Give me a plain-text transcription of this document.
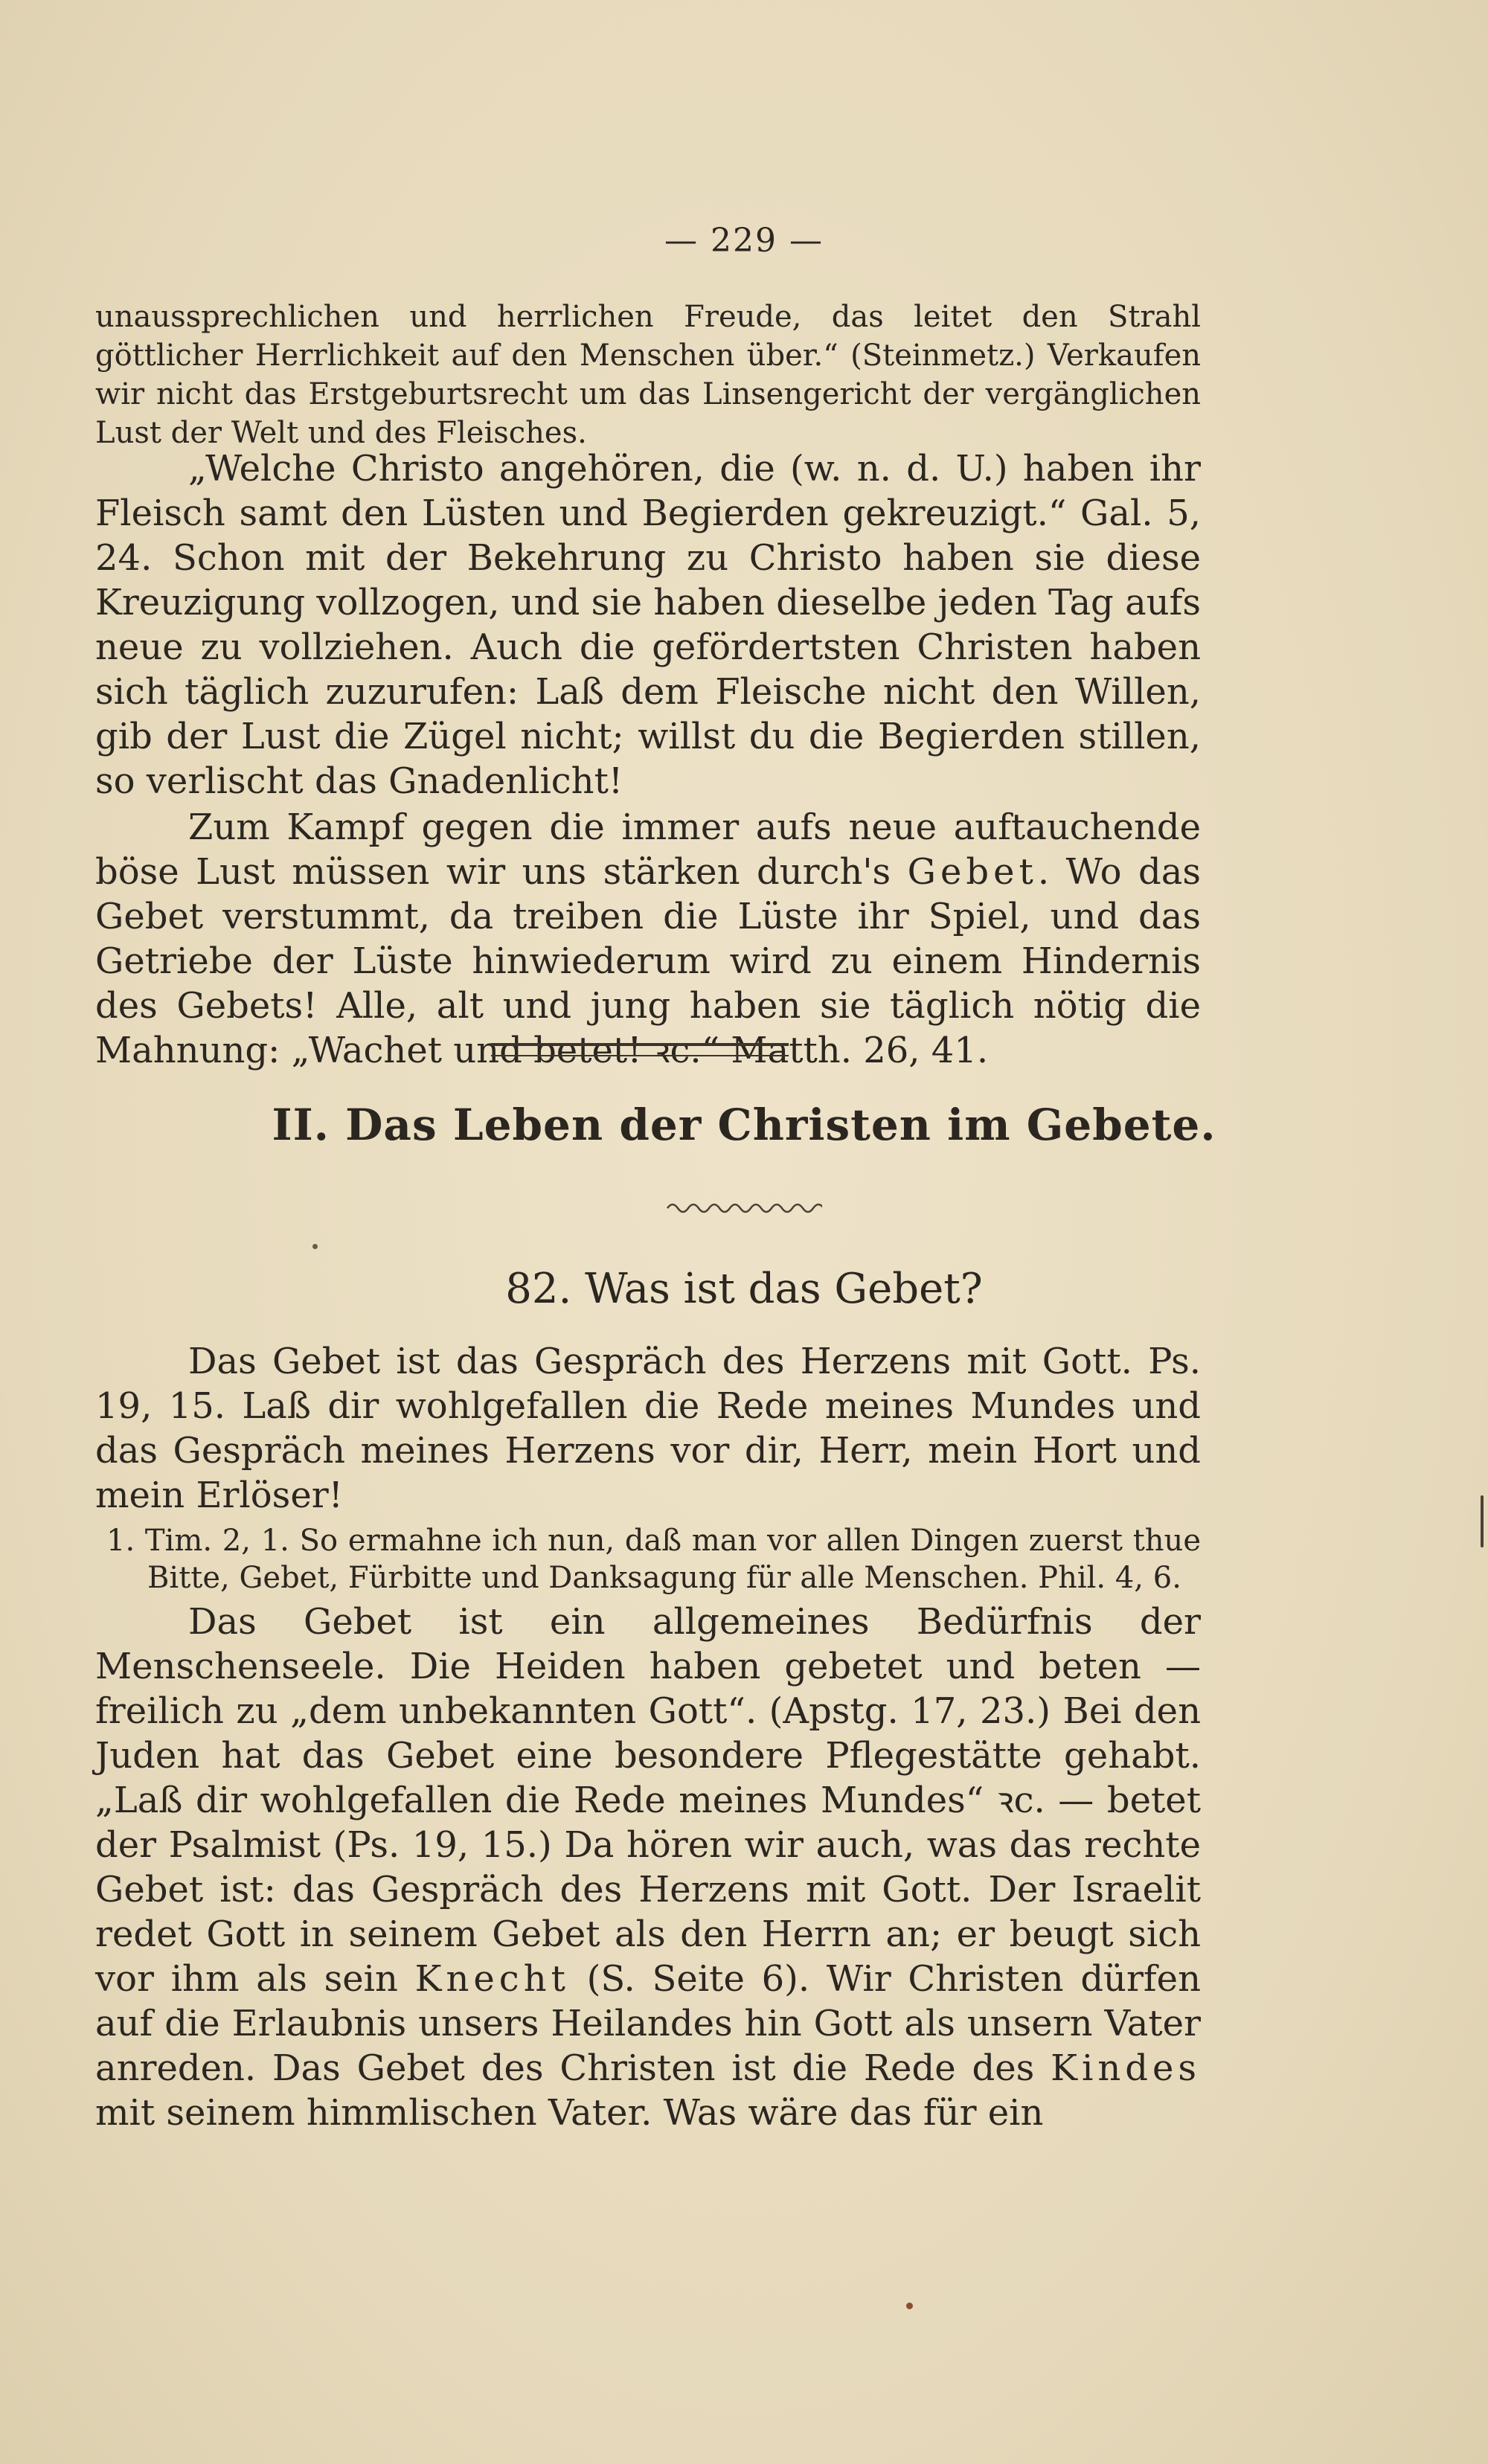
— 229 —

unaussprechlichen und herrlichen Freude, das leitet den Strahl göttlicher Herrlichkeit auf den Menschen über.“ (Steinmetz.) Verkaufen wir nicht das Erstgeburtsrecht um das Linsengericht der vergänglichen Lust der Welt und des Fleisches.

„Welche Christo angehören, die (w. n. d. U.) haben ihr Fleisch samt den Lüsten und Begierden gekreuzigt.“ Gal. 5, 24. Schon mit der Bekehrung zu Christo haben sie diese Kreuzigung vollzogen, und sie haben dieselbe jeden Tag aufs neue zu vollziehen. Auch die gefördertsten Christen haben sich täglich zuzurufen: Laß dem Fleische nicht den Willen, gib der Lust die Zügel nicht; willst du die Begierden stillen, so verlischt das Gnadenlicht!

Zum Kampf gegen die immer aufs neue auftauchende böse Lust müssen wir uns stärken durch's Gebet. Wo das Gebet verstummt, da treiben die Lüste ihr Spiel, und das Getriebe der Lüste hinwiederum wird zu einem Hindernis des Gebets! Alle, alt und jung haben sie täglich nötig die Mahnung: „Wachet und betet! ꝛc.“ Matth. 26, 41.

II. Das Leben der Christen im Gebete.
82. Was ist das Gebet?

Das Gebet ist das Gespräch des Herzens mit Gott. Ps. 19, 15. Laß dir wohlgefallen die Rede meines Mundes und das Gespräch meines Herzens vor dir, Herr, mein Hort und mein Erlöser!

1. Tim. 2, 1. So ermahne ich nun, daß man vor allen Dingen zuerst thue Bitte, Gebet, Fürbitte und Danksagung für alle Menschen. Phil. 4, 6.

Das Gebet ist ein allgemeines Bedürfnis der Menschenseele. Die Heiden haben gebetet und beten — freilich zu „dem unbekannten Gott“. (Apstg. 17, 23.) Bei den Juden hat das Gebet eine besondere Pflegestätte gehabt. „Laß dir wohlgefallen die Rede meines Mundes“ ꝛc. — betet der Psalmist (Ps. 19, 15.) Da hören wir auch, was das rechte Gebet ist: das Gespräch des Herzens mit Gott. Der Israelit redet Gott in seinem Gebet als den Herrn an; er beugt sich vor ihm als sein Knecht (S. Seite 6). Wir Christen dürfen auf die Erlaubnis unsers Heilandes hin Gott als unsern Vater anreden. Das Gebet des Christen ist die Rede des Kindes mit seinem himmlischen Vater. Was wäre das für ein
